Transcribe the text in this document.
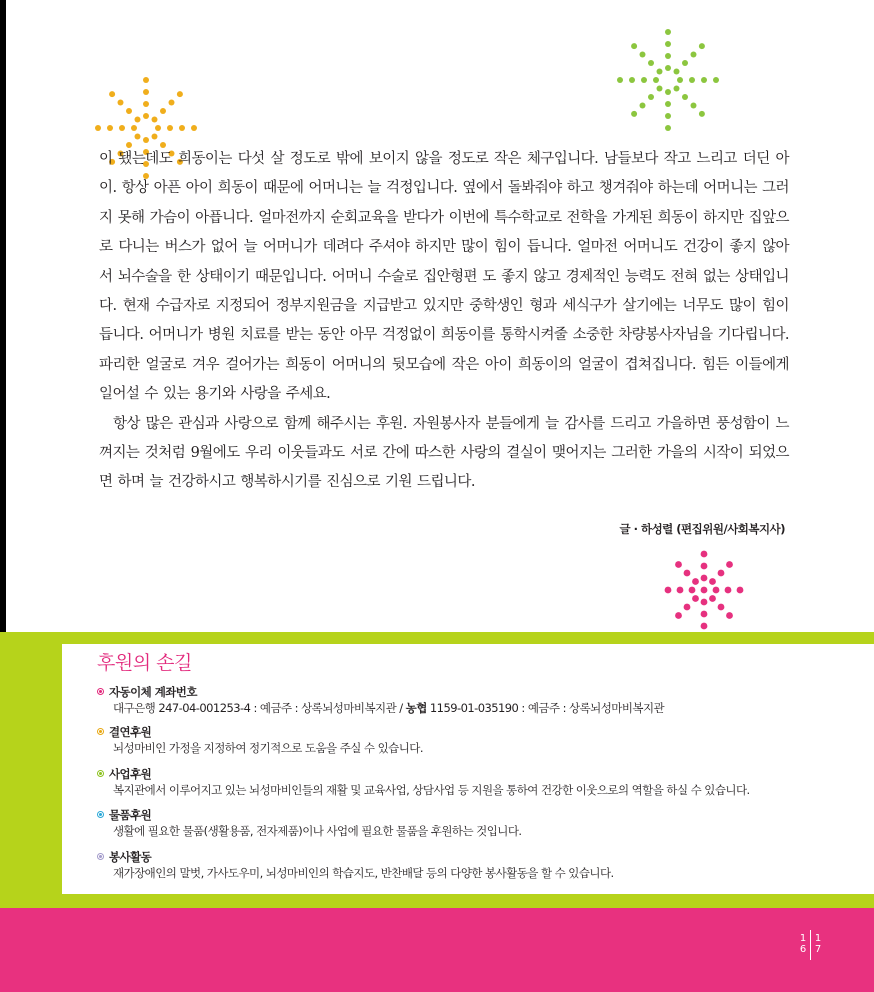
이 됐는데도 희동이는 다섯 살 정도로 밖에 보이지 않을 정도로 작은 체구입니다. 남들보다 작고 느리고 더딘 아이. 항상 아픈 아이 희동이 때문에 어머니는 늘 걱정입니다. 옆에서 돌봐줘야 하고 챙겨줘야 하는데 어머니는 그러지 못해 가슴이 아픕니다. 얼마전까지 순회교육을 받다가 이번에 특수학교로 전학을 가게된 희동이 하지만 집앞으로 다니는 버스가 없어 늘 어머니가 데려다 주셔야 하지만 많이 힘이 듭니다. 얼마전 어머니도 건강이 좋지 않아서 뇌수술을 한 상태이기 때문입니다. 어머니 수술로 집안형편 도 좋지 않고 경제적인 능력도 전혀 없는 상태입니다. 현재 수급자로 지정되어 정부지원금을 지급받고 있지만 중학생인 형과 세식구가 살기에는 너무도 많이 힘이 듭니다. 어머니가 병원 치료를 받는 동안 아무 걱정없이 희동이를 통학시켜줄 소중한 차량봉사자님을 기다립니다. 파리한 얼굴로 겨우 걸어가는 희동이 어머니의 뒷모습에 작은 아이 희동이의 얼굴이 겹쳐집니다. 힘든 이들에게 일어설 수 있는 용기와 사랑을 주세요.

항상 많은 관심과 사랑으로 함께 해주시는 후원. 자원봉사자 분들에게 늘 감사를 드리고 가을하면 풍성함이 느껴지는 것처럼 9월에도 우리 이웃들과도 서로 간에 따스한 사랑의 결실이 맺어지는 그러한 가을의 시작이 되었으면 하며 늘 건강하시고 행복하시기를 진심으로 기원 드립니다.

글 · 하성렬 (편집위원/사회복지사)
후원의 손길
자동이체 계좌번호
대구은행 247-04-001253-4 : 예금주 : 상록뇌성마비복지관 / 농협 1159-01-035190 : 예금주 : 상록뇌성마비복지관
결연후원
뇌성마비인 가정을 지정하여 정기적으로 도움을 주실 수 있습니다.
사업후원
복지관에서 이루어지고 있는 뇌성마비인들의 재활 및 교육사업, 상담사업 등 지원을 통하여 건강한 이웃으로의 역할을 하실 수 있습니다.
물품후원
생활에 필요한 물품(생활용품, 전자제품)이나 사업에 필요한 물품을 후원하는 것입니다.
봉사활동
재가장애인의 말벗, 가사도우미, 뇌성마비인의 학습지도, 반찬배달 등의 다양한 봉사활동을 할 수 있습니다.
1
6
1
7
